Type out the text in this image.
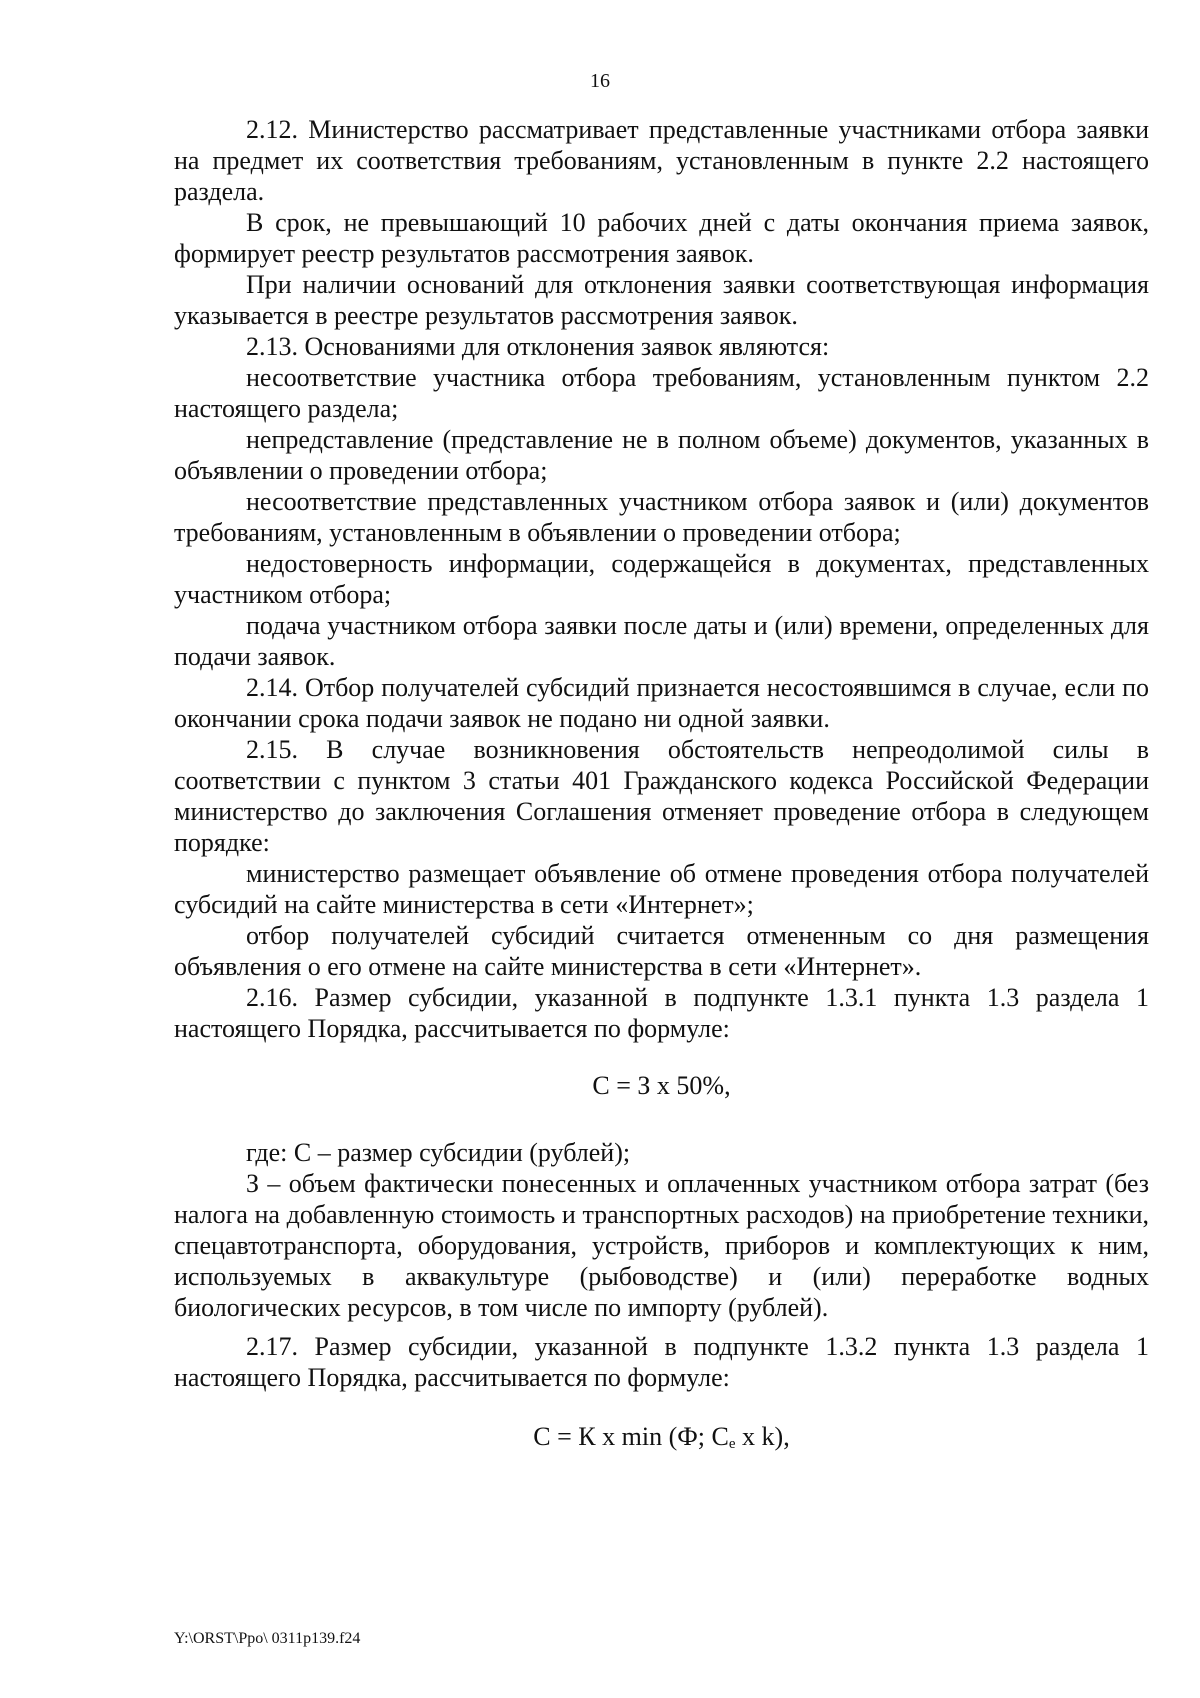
16

2.12. Министерство рассматривает представленные участниками отбора заявки на предмет их соответствия требованиям, установленным в пункте 2.2 настоящего раздела.

В срок, не превышающий 10 рабочих дней с даты окончания приема заявок, формирует реестр результатов рассмотрения заявок.

При наличии оснований для отклонения заявки соответствующая информация указывается в реестре результатов рассмотрения заявок.

2.13. Основаниями для отклонения заявок являются:

несоответствие участника отбора требованиям, установленным пунктом 2.2 настоящего раздела;

непредставление (представление не в полном объеме) документов, указанных в объявлении о проведении отбора;

несоответствие представленных участником отбора заявок и (или) документов требованиям, установленным в объявлении о проведении отбора;

недостоверность информации, содержащейся в документах, представленных участником отбора;

подача участником отбора заявки после даты и (или) времени, определенных для подачи заявок.

2.14. Отбор получателей субсидий признается несостоявшимся в случае, если по окончании срока подачи заявок не подано ни одной заявки.

2.15. В случае возникновения обстоятельств непреодолимой силы в соответствии с пунктом 3 статьи 401 Гражданского кодекса Российской Федерации министерство до заключения Соглашения отменяет проведение отбора в следующем порядке:

министерство размещает объявление об отмене проведения отбора получателей субсидий на сайте министерства в сети «Интернет»;

отбор получателей субсидий считается отмененным со дня размещения объявления о его отмене на сайте министерства в сети «Интернет».

2.16. Размер субсидии, указанной в подпункте 1.3.1 пункта 1.3 раздела 1 настоящего Порядка, рассчитывается по формуле:

С = З х 50%,

где: С – размер субсидии (рублей);

З – объем фактически понесенных и оплаченных участником отбора затрат (без налога на добавленную стоимость и транспортных расходов) на приобретение техники, спецавтотранспорта, оборудования, устройств, приборов и комплектующих к ним, используемых в аквакультуре (рыбоводстве) и (или) переработке водных биологических ресурсов, в том числе по импорту (рублей).

2.17. Размер субсидии, указанной в подпункте 1.3.2 пункта 1.3 раздела 1 настоящего Порядка, рассчитывается по формуле:

С = К х min (Ф; $С_е$ х k),

Y:\ORST\Ppo\ 0311p139.f24
